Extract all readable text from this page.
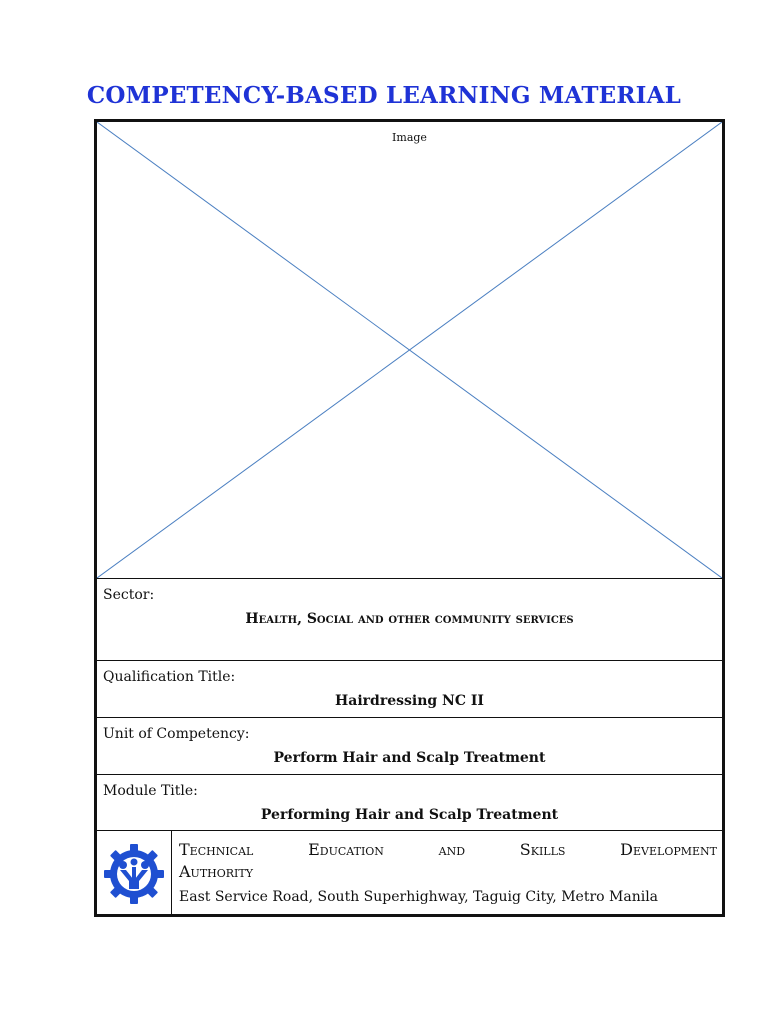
COMPETENCY-BASED LEARNING MATERIAL
Image
Sector:
Health, Social and other community services
Qualification Title:
Hairdressing NC II
Unit of Competency:
Perform Hair and Scalp Treatment
Module Title:
Performing Hair and Scalp Treatment
Technical Education and Skills Development
Authority
East Service Road, South Superhighway, Taguig City, Metro Manila
